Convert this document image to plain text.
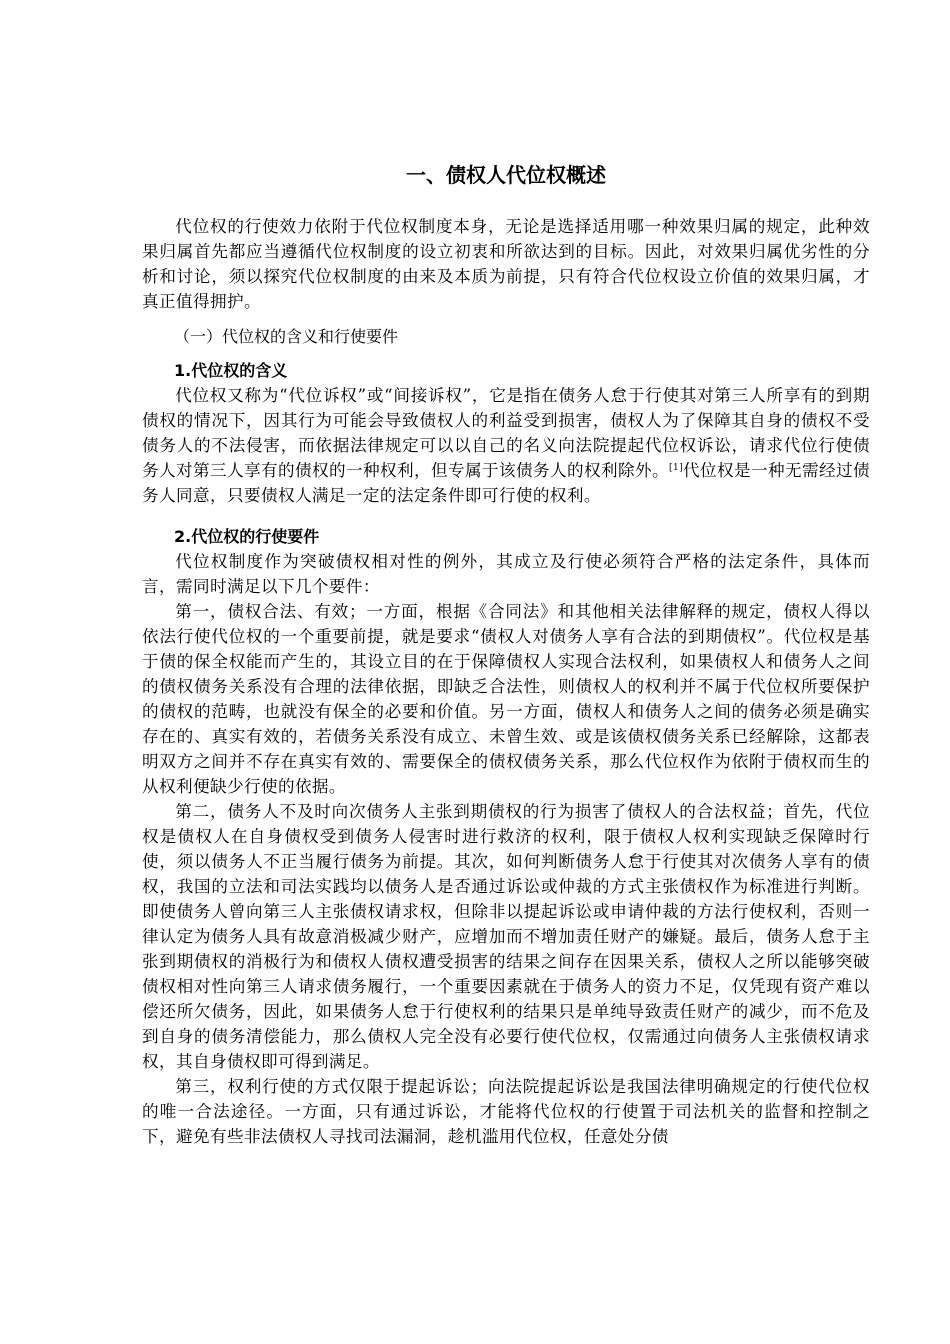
一、债权人代位权概述

代位权的行使效力依附于代位权制度本身，无论是选择适用哪一种效果归属的规定，此种效果归属首先都应当遵循代位权制度的设立初衷和所欲达到的目标。因此，对效果归属优劣性的分析和讨论，须以探究代位权制度的由来及本质为前提，只有符合代位权设立价值的效果归属，才真正值得拥护。

（一）代位权的含义和行使要件
1.代位权的含义

代位权又称为“代位诉权”或“间接诉权”，它是指在债务人怠于行使其对第三人所享有的到期债权的情况下，因其行为可能会导致债权人的利益受到损害，债权人为了保障其自身的债权不受债务人的不法侵害，而依据法律规定可以以自己的名义向法院提起代位权诉讼，请求代位行使债务人对第三人享有的债权的一种权利，但专属于该债务人的权利除外。[1]代位权是一种无需经过债务人同意，只要债权人满足一定的法定条件即可行使的权利。

2.代位权的行使要件

代位权制度作为突破债权相对性的例外，其成立及行使必须符合严格的法定条件，具体而言，需同时满足以下几个要件：

第一，债权合法、有效；一方面，根据《合同法》和其他相关法律解释的规定，债权人得以依法行使代位权的一个重要前提，就是要求“债权人对债务人享有合法的到期债权”。代位权是基于债的保全权能而产生的，其设立目的在于保障债权人实现合法权利，如果债权人和债务人之间的债权债务关系没有合理的法律依据，即缺乏合法性，则债权人的权利并不属于代位权所要保护的债权的范畴，也就没有保全的必要和价值。另一方面，债权人和债务人之间的债务必须是确实存在的、真实有效的，若债务关系没有成立、未曾生效、或是该债权债务关系已经解除，这都表明双方之间并不存在真实有效的、需要保全的债权债务关系，那么代位权作为依附于债权而生的从权利便缺少行使的依据。

第二，债务人不及时向次债务人主张到期债权的行为损害了债权人的合法权益；首先，代位权是债权人在自身债权受到债务人侵害时进行救济的权利，限于债权人权利实现缺乏保障时行使，须以债务人不正当履行债务为前提。其次，如何判断债务人怠于行使其对次债务人享有的债权，我国的立法和司法实践均以债务人是否通过诉讼或仲裁的方式主张债权作为标准进行判断。即使债务人曾向第三人主张债权请求权，但除非以提起诉讼或申请仲裁的方法行使权利，否则一律认定为债务人具有故意消极减少财产，应增加而不增加责任财产的嫌疑。最后，债务人怠于主张到期债权的消极行为和债权人债权遭受损害的结果之间存在因果关系，债权人之所以能够突破债权相对性向第三人请求债务履行，一个重要因素就在于债务人的资力不足，仅凭现有资产难以偿还所欠债务，因此，如果债务人怠于行使权利的结果只是单纯导致责任财产的减少，而不危及到自身的债务清偿能力，那么债权人完全没有必要行使代位权，仅需通过向债务人主张债权请求权，其自身债权即可得到满足。

第三，权利行使的方式仅限于提起诉讼；向法院提起诉讼是我国法律明确规定的行使代位权的唯一合法途径。一方面，只有通过诉讼，才能将代位权的行使置于司法机关的监督和控制之下，避免有些非法债权人寻找司法漏洞，趁机滥用代位权，任意处分债
